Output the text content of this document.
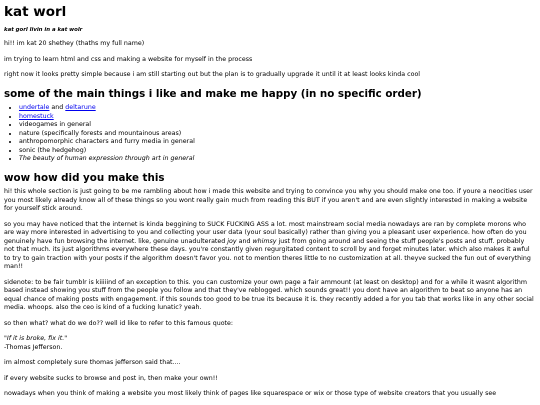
kat worl
kat gorl livin in a kat wolr

hi!! im kat 20 shethey (thaths my full name)

im trying to learn html and css and making a website for myself in the process

right now it looks pretty simple because i am still starting out but the plan is to gradually upgrade it until it at least looks kinda cool

some of the main things i like and make me happy (in no specific order)
• undertale and deltarune
• homestuck
• videogames in general
• nature (specifically forests and mountainous areas)
• anthropomorphic characters and furry media in general
• sonic (the hedgehog)
• The beauty of human expression through art in general
wow how did you make this

hi! this whole section is just going to be me rambling about how i made this website and trying to convince you why you should make one too. if youre a neocities user you most likely already know all of these things so you wont really gain much from reading this BUT if you aren't and are even slightly interested in making a website for yourself stick around.

so you may have noticed that the internet is kinda beggining to SUCK FUCKING ASS a lot. most mainstream social media nowadays are ran by complete morons who are way more interested in advertising to you and collecting your user data (your soul basically) rather than giving you a pleasant user experience. how often do you genuinely have fun browsing the internet. like, genuine unadulterated joy and whimsy just from going around and seeing the stuff people's posts and stuff. probably not that much. its just algorithms everywhere these days. you're constantly given regurgitated content to scroll by and forget minutes later. which also makes it awful to try to gain traction with your posts if the algorithm doesn't favor you. not to mention theres little to no customization at all. theyve sucked the fun out of everything man!!

sidenote: to be fair tumblr is kiiiiind of an exception to this. you can customize your own page a fair ammount (at least on desktop) and for a while it wasnt algorithm based instead showing you stuff from the people you follow and that they've reblogged. which sounds great!! you dont have an algorithm to beat so anyone has an equal chance of making posts with engagement. if this sounds too good to be true its because it is. they recently added a for you tab that works like in any other social media. whoops. also the ceo is kind of a fucking lunatic? yeah.

so then what? what do we do?? well id like to refer to this famous quote:

"If it is broke, fix it."
-Thomas Jefferson.

im almost completely sure thomas jefferson said that....

if every website sucks to browse and post in, then make your own!!

nowadays when you think of making a website you most likely think of pages like squarespace or wix or those type of website creators that you usually see
